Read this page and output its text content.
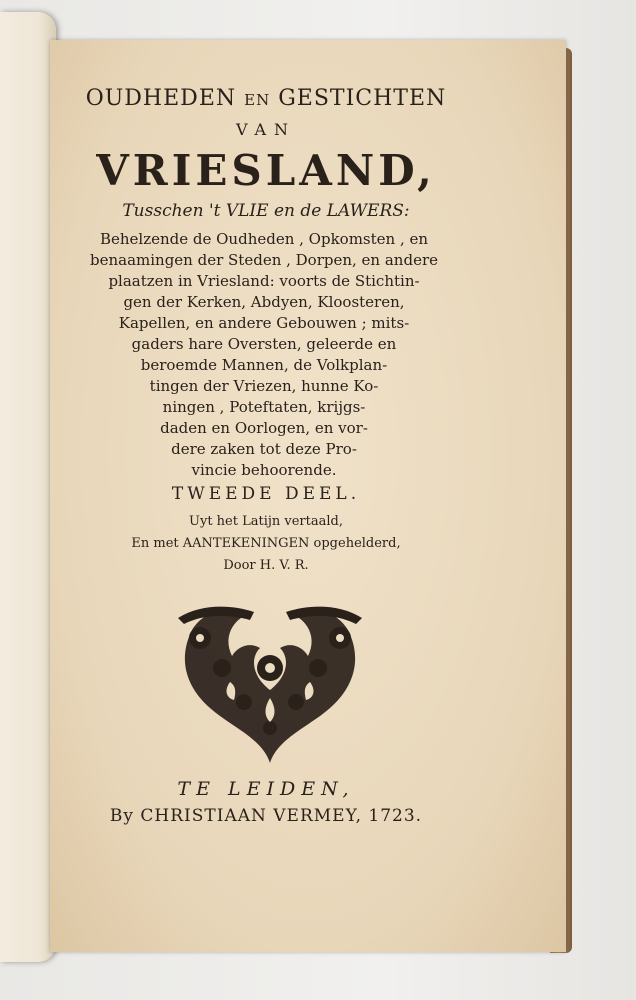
OUDHEDEN en GESTICHTEN
VAN
VRIESLAND,
Tusschen 't VLIE en de LAWERS:
Behelzende de Oudheden , Opkomsten , en
benaamingen der Steden , Dorpen, en andere
plaatzen in Vriesland: voorts de Stichtin-
gen der Kerken, Abdyen, Kloosteren,
Kapellen, en andere Gebouwen ; mits-
gaders hare Oversten, geleerde en
beroemde Mannen, de Volkplan-
tingen der Vriezen, hunne Ko-
ningen , Poteftaten, krijgs-
daden en Oorlogen, en vor-
dere zaken tot deze Pro-
vincie behoorende.
TWEEDE DEEL.
Uyt het Latijn vertaald,
En met AANTEKENINGEN opgehelderd,
Door H. V. R.
TE LEIDEN,
By CHRISTIAAN VERMEY, 1723.
